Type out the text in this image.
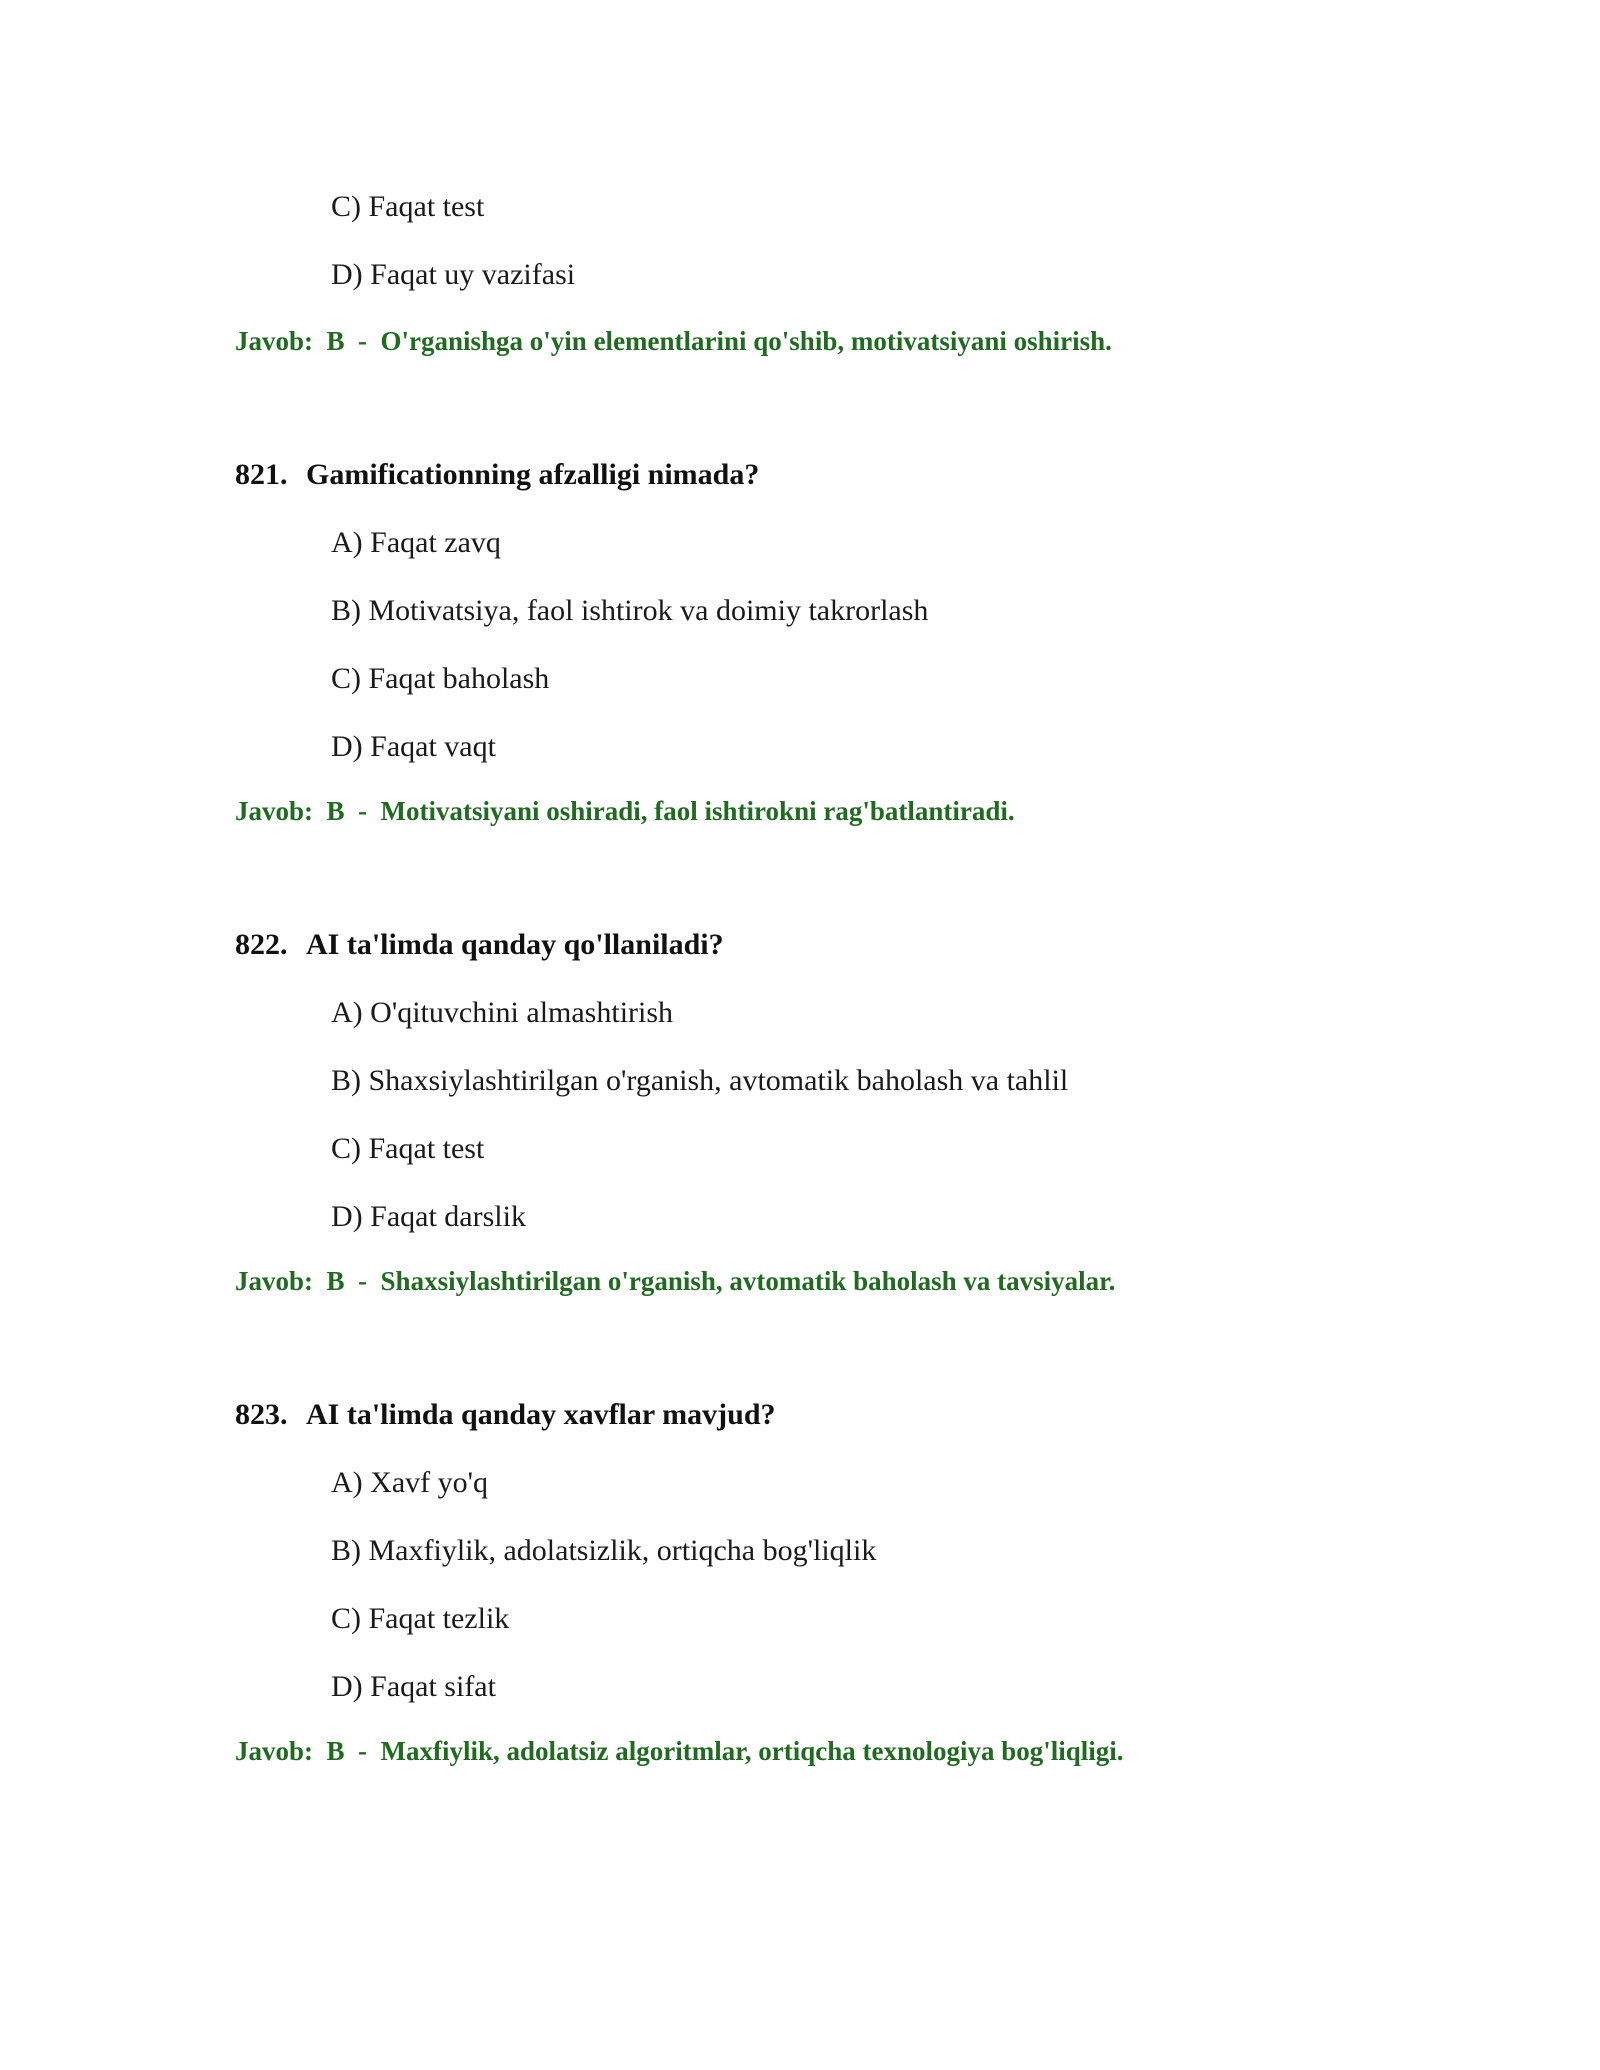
C) Faqat test
D) Faqat uy vazifasi
Javob: B - O'rganishga o'yin elementlarini qo'shib, motivatsiyani oshirish.
821. Gamificationning afzalligi nimada?
A) Faqat zavq
B) Motivatsiya, faol ishtirok va doimiy takrorlash
C) Faqat baholash
D) Faqat vaqt
Javob: B - Motivatsiyani oshiradi, faol ishtirokni rag'batlantiradi.
822. AI ta'limda qanday qo'llaniladi?
A) O'qituvchini almashtirish
B) Shaxsiylashtirilgan o'rganish, avtomatik baholash va tahlil
C) Faqat test
D) Faqat darslik
Javob: B - Shaxsiylashtirilgan o'rganish, avtomatik baholash va tavsiyalar.
823. AI ta'limda qanday xavflar mavjud?
A) Xavf yo'q
B) Maxfiylik, adolatsizlik, ortiqcha bog'liqlik
C) Faqat tezlik
D) Faqat sifat
Javob: B - Maxfiylik, adolatsiz algoritmlar, ortiqcha texnologiya bog'liqligi.
